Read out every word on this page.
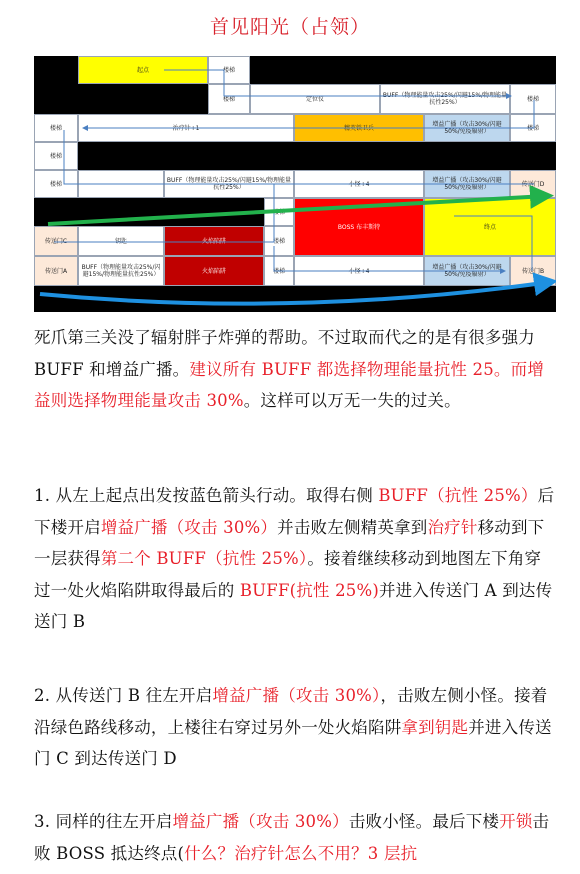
首见阳光（占领）
起点	楼梯
楼梯	定位仪	BUFF（物理能量攻击25%/闪避15%/物理能量抗性25%）	楼梯
楼梯	治疗针+1	精英铁卫兵	增益广播（攻击30%/闪避50%/免疫辐射）	楼梯
楼梯
楼梯	BUFF（物理能量攻击25%/闪避15%/物理能量抗性25%）	小怪+4	增益广播（攻击30%/闪避50%/免疫辐射）	传送门D
BOSS 布丰斯特	终点
传送门C	钥匙	火焰陷阱	楼梯
传送门A	BUFF（物理能量攻击25%/闪避15%/物理能量抗性25%）	火焰陷阱	楼梯	小怪+4	增益广播（攻击30%/闪避50%/免疫辐射）	传送门B
死爪第三关没了辐射胖子炸弹的帮助。不过取而代之的是有很多强力 BUFF 和增益广播。建议所有 BUFF 都选择物理能量抗性 25。而增益则选择物理能量攻击 30%。这样可以万无一失的过关。
1. 从左上起点出发按蓝色箭头行动。取得右侧 BUFF（抗性 25%）后下楼开启增益广播（攻击 30%）并击败左侧精英拿到治疗针移动到下一层获得第二个 BUFF（抗性 25%）。接着继续移动到地图左下角穿过一处火焰陷阱取得最后的 BUFF(抗性 25%)并进入传送门 A 到达传送门 B
2. 从传送门 B 往左开启增益广播（攻击 30%），击败左侧小怪。接着沿绿色路线移动，上楼往右穿过另外一处火焰陷阱拿到钥匙并进入传送门 C 到达传送门 D
3. 同样的往左开启增益广播（攻击 30%）击败小怪。最后下楼开锁击败 BOSS 抵达终点(什么？治疗针怎么不用？3 层抗
